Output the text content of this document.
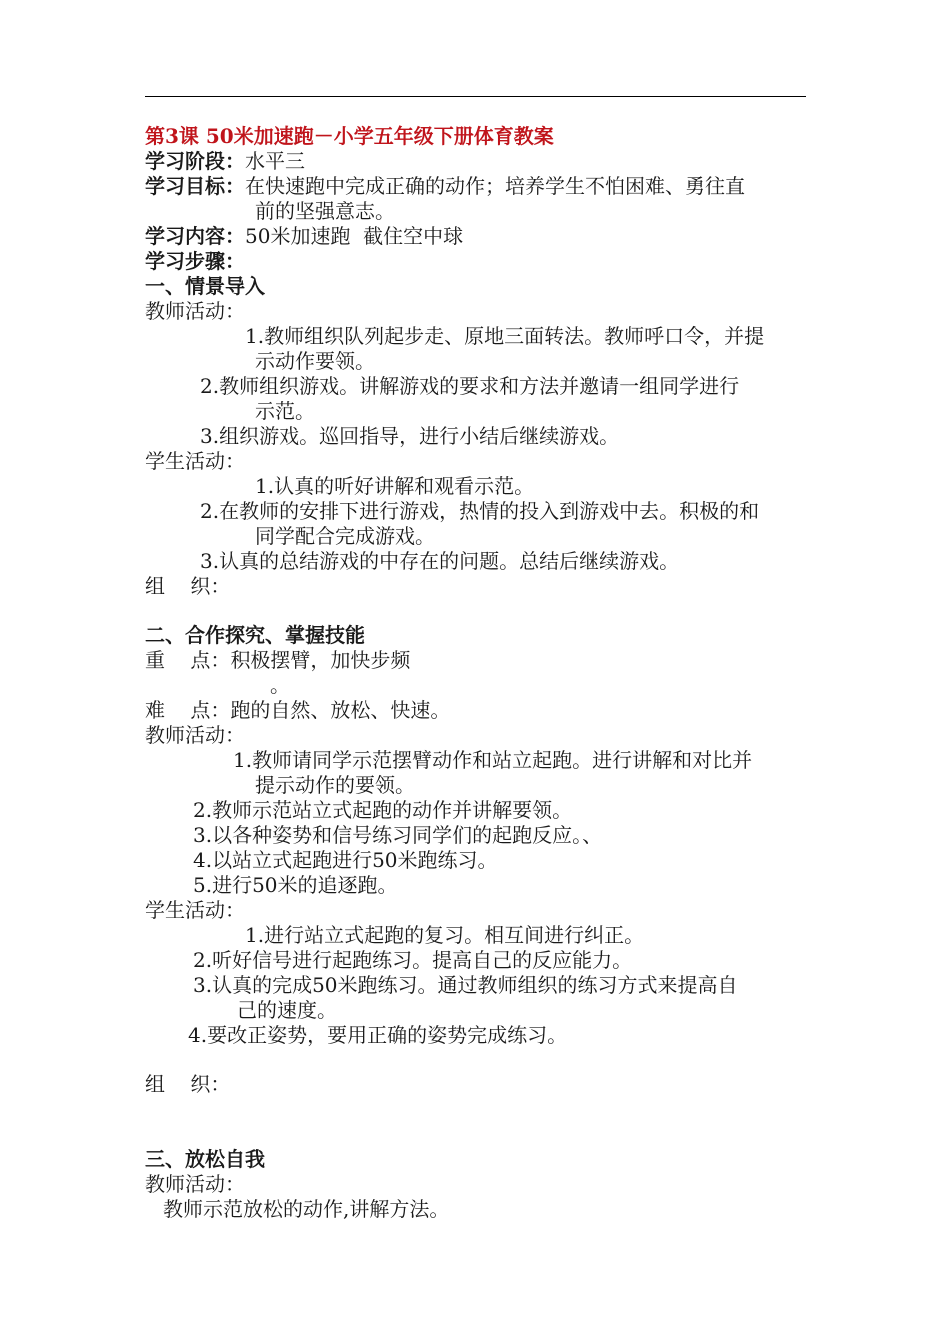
第3课 50米加速跑－小学五年级下册体育教案
学习阶段：水平三
学习目标：在快速跑中完成正确的动作；培养学生不怕困难、勇往直
前的坚强意志。
学习内容：50米加速跑  截住空中球
学习步骤：
一、情景导入
教师活动：
1.教师组织队列起步走、原地三面转法。教师呼口令，并提
示动作要领。
2.教师组织游戏。讲解游戏的要求和方法并邀请一组同学进行
示范。
3.组织游戏。巡回指导，进行小结后继续游戏。
学生活动：
1.认真的听好讲解和观看示范。
2.在教师的安排下进行游戏，热情的投入到游戏中去。积极的和
同学配合完成游戏。
3.认真的总结游戏的中存在的问题。总结后继续游戏。
组    织：
二、合作探究、掌握技能
重    点：积极摆臂，加快步频
。
难    点：跑的自然、放松、快速。
教师活动：
1.教师请同学示范摆臂动作和站立起跑。进行讲解和对比并
提示动作的要领。
2.教师示范站立式起跑的动作并讲解要领。
3.以各种姿势和信号练习同学们的起跑反应。、
4.以站立式起跑进行50米跑练习。
5.进行50米的追逐跑。
学生活动：
1.进行站立式起跑的复习。相互间进行纠正。
2.听好信号进行起跑练习。提高自己的反应能力。
3.认真的完成50米跑练习。通过教师组织的练习方式来提高自
己的速度。
4.要改正姿势，要用正确的姿势完成练习。
组    织：
三、放松自我
教师活动：
教师示范放松的动作,讲解方法。
